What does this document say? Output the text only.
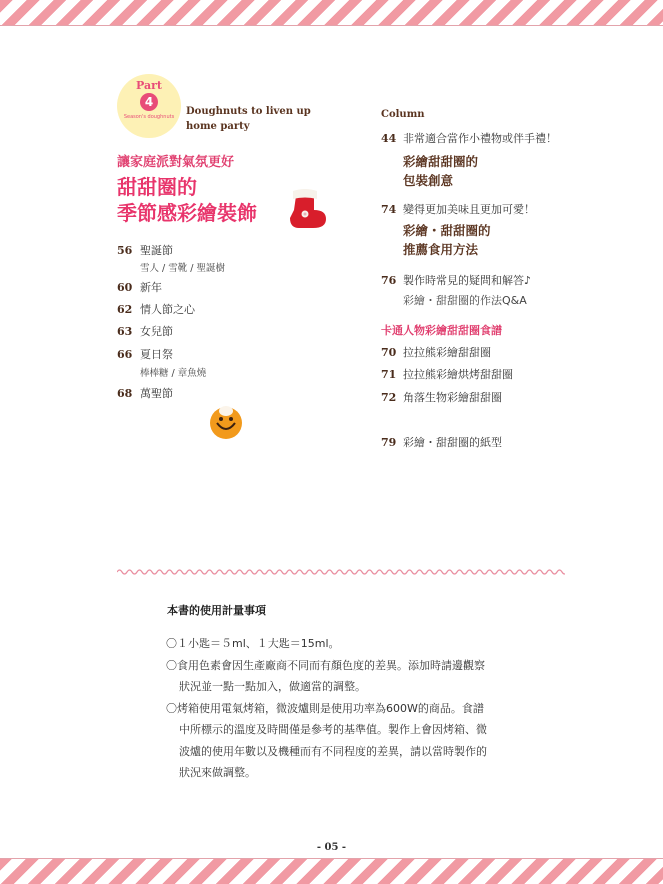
Part
4
Season's doughnuts	Doughnuts to liven up home party
讓家庭派對氣氛更好
甜甜圈的
季節感彩繪裝飾
56 聖誕節
雪人 / 雪靴 / 聖誕樹
60 新年
62 情人節之心
63 女兒節
66 夏日祭
棒棒糖 / 章魚燒
68 萬聖節
Column
44 非常適合當作小禮物或伴手禮！
彩繪甜甜圈的
包裝創意
74 變得更加美味且更加可愛！
彩繪・甜甜圈的
推薦食用方法
76 製作時常見的疑問和解答♪
彩繪・甜甜圈的作法Q&A
卡通人物彩繪甜甜圈食譜
70 拉拉熊彩繪甜甜圈
71 拉拉熊彩繪烘烤甜甜圈
72 角落生物彩繪甜甜圈
79 彩繪・甜甜圈的紙型
本書的使用計量事項
〇１小匙＝５ml、１大匙＝15ml。
〇食用色素會因生產廠商不同而有顏色度的差異。添加時請邊觀察
狀況並一點一點加入，做適當的調整。
〇烤箱使用電氣烤箱，微波爐則是使用功率為600W的商品。食譜
中所標示的溫度及時間僅是參考的基準值。製作上會因烤箱、微
波爐的使用年數以及機種而有不同程度的差異，請以當時製作的
狀況來做調整。
- 05 -
